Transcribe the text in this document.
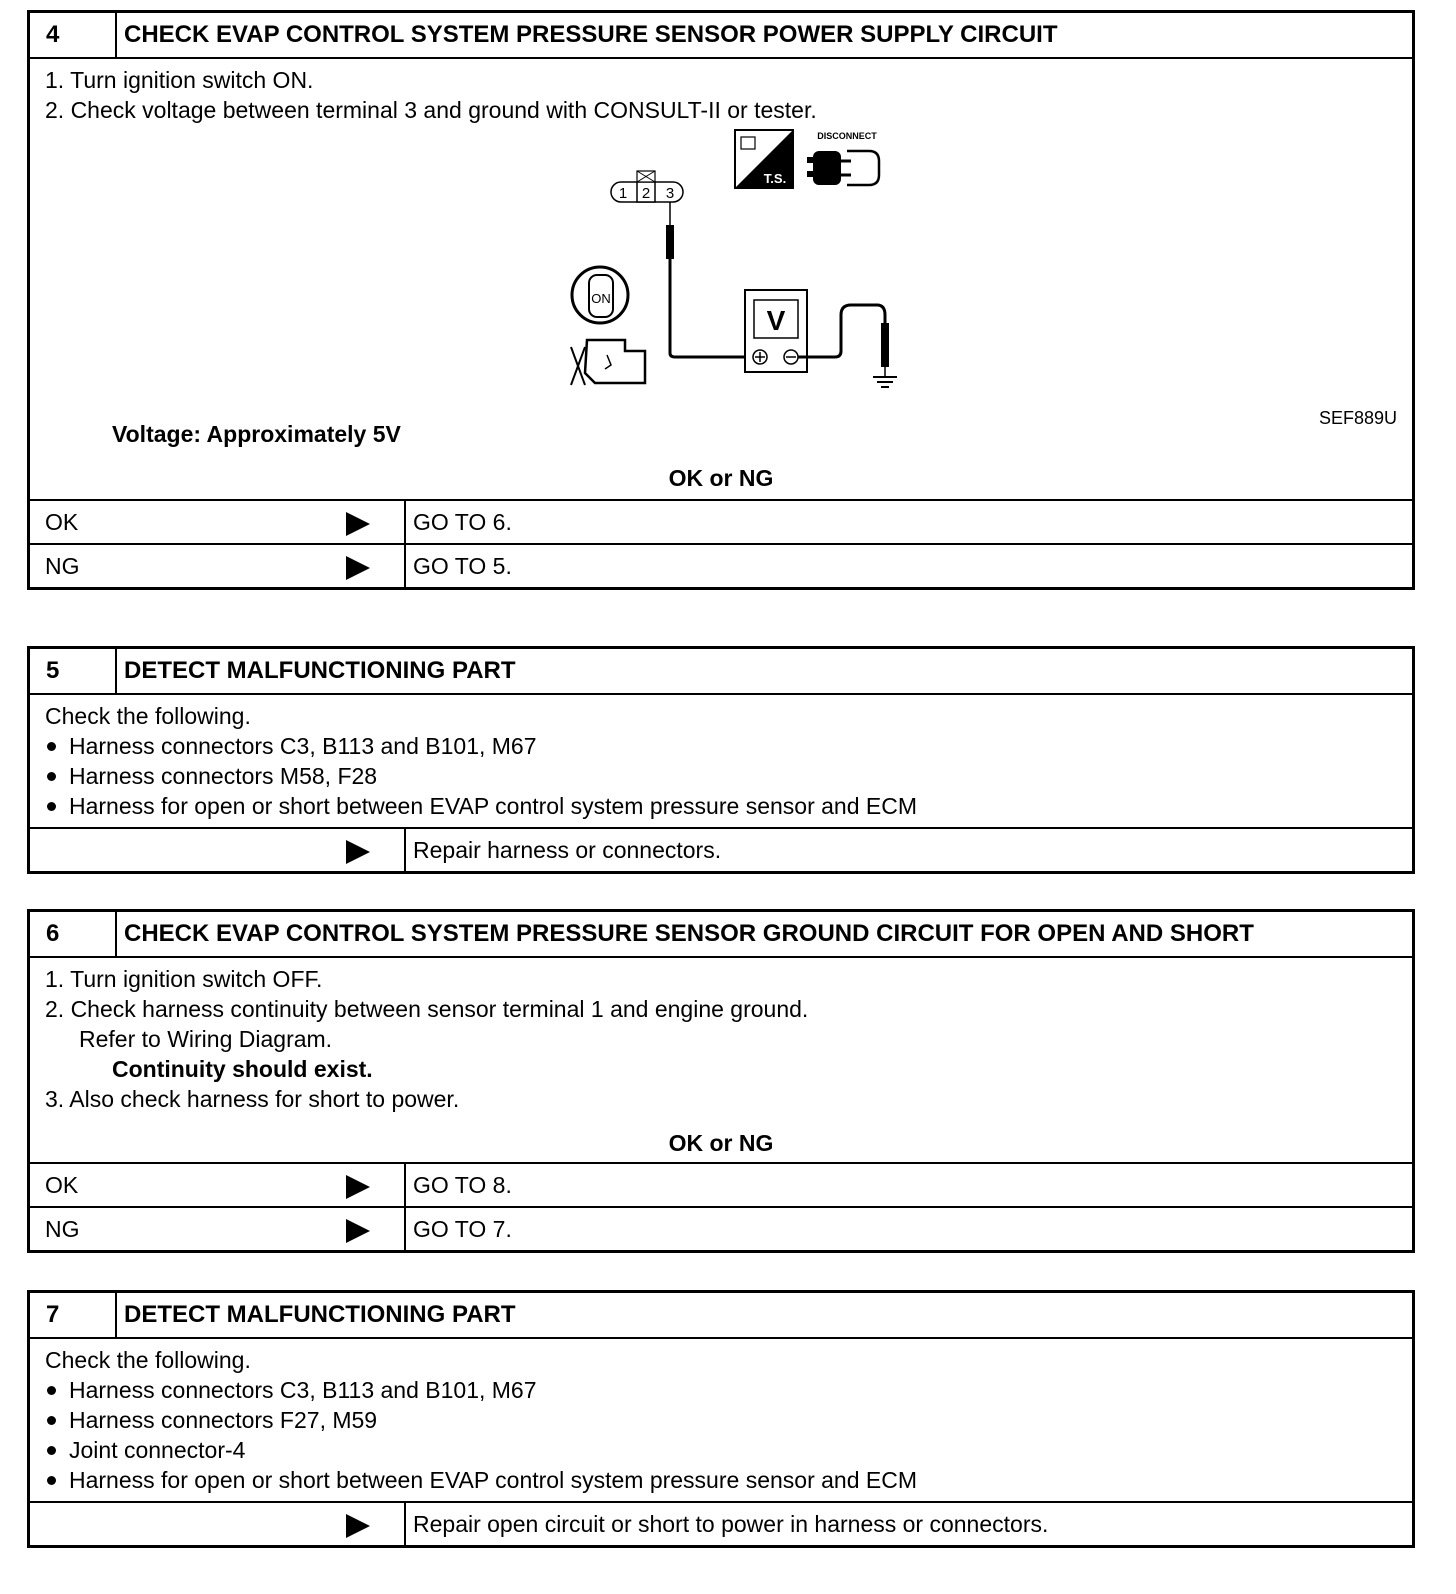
4	CHECK EVAP CONTROL SYSTEM PRESSURE SENSOR POWER SUPPLY CIRCUIT
1. Turn ignition switch ON.
2. Check voltage between terminal 3 and ground with CONSULT-II or tester.
1 2 3
V
ON
T.S.
DISCONNECT
SEF889U
Voltage: Approximately 5V
OK or NG
OK	GO TO 6.
NG	GO TO 5.
5	DETECT MALFUNCTIONING PART
Check the following.
Harness connectors C3, B113 and B101, M67
Harness connectors M58, F28
Harness for open or short between EVAP control system pressure sensor and ECM
Repair harness or connectors.
6	CHECK EVAP CONTROL SYSTEM PRESSURE SENSOR GROUND CIRCUIT FOR OPEN AND SHORT
1. Turn ignition switch OFF.
2. Check harness continuity between sensor terminal 1 and engine ground.
Refer to Wiring Diagram.
Continuity should exist.
3. Also check harness for short to power.
OK or NG
OK	GO TO 8.
NG	GO TO 7.
7	DETECT MALFUNCTIONING PART
Check the following.
Harness connectors C3, B113 and B101, M67
Harness connectors F27, M59
Joint connector-4
Harness for open or short between EVAP control system pressure sensor and ECM
Repair open circuit or short to power in harness or connectors.
